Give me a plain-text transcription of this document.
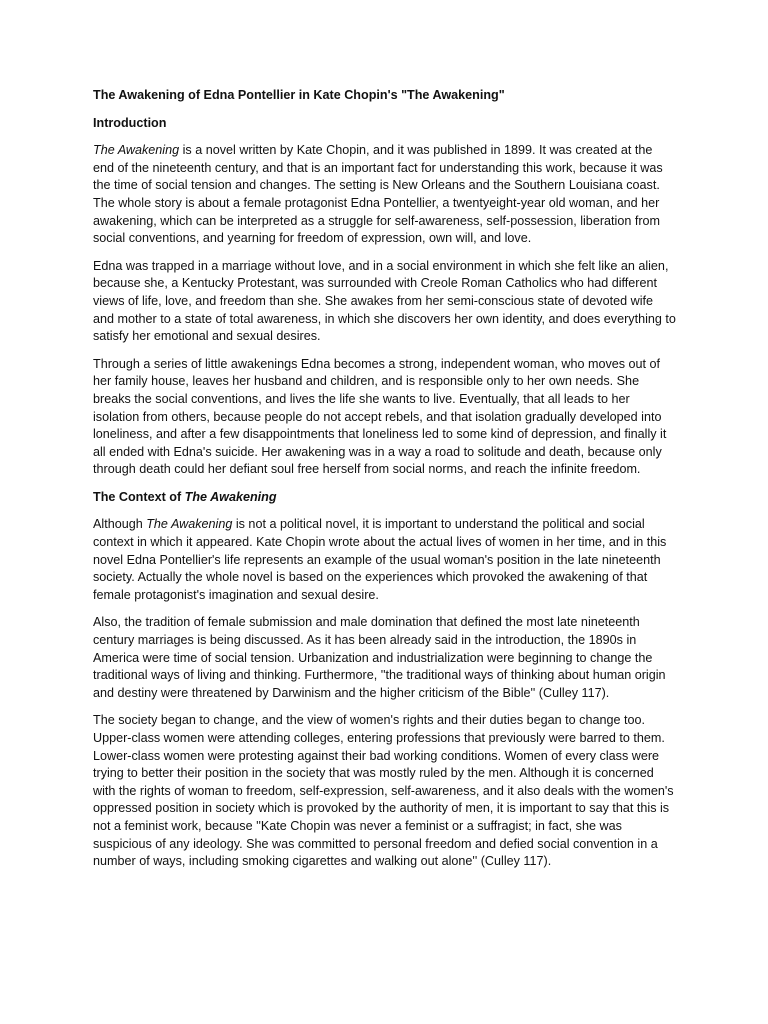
The Awakening of Edna Pontellier in Kate Chopin's "The Awakening"

Introduction

The Awakening is a novel written by Kate Chopin, and it was published in 1899. It was created at the end of the nineteenth century, and that is an important fact for understanding this work, because it was the time of social tension and changes. The setting is New Orleans and the Southern Louisiana coast. The whole story is about a female protagonist Edna Pontellier, a twentyeight-year old woman, and her awakening, which can be interpreted as a struggle for self-awareness, self-possession, liberation from social conventions, and yearning for freedom of expression, own will, and love.

Edna was trapped in a marriage without love, and in a social environment in which she felt like an alien, because she, a Kentucky Protestant, was surrounded with Creole Roman Catholics who had different views of life, love, and freedom than she. She awakes from her semi-conscious state of devoted wife and mother to a state of total awareness, in which she discovers her own identity, and does everything to satisfy her emotional and sexual desires.

Through a series of little awakenings Edna becomes a strong, independent woman, who moves out of her family house, leaves her husband and children, and is responsible only to her own needs. She breaks the social conventions, and lives the life she wants to live. Eventually, that all leads to her isolation from others, because people do not accept rebels, and that isolation gradually developed into loneliness, and after a few disappointments that loneliness led to some kind of depression, and finally it all ended with Edna's suicide. Her awakening was in a way a road to solitude and death, because only through death could her defiant soul free herself from social norms, and reach the infinite freedom.

The Context of The Awakening

Although The Awakening is not a political novel, it is important to understand the political and social context in which it appeared. Kate Chopin wrote about the actual lives of women in her time, and in this novel Edna Pontellier's life represents an example of the usual woman's position in the late nineteenth society. Actually the whole novel is based on the experiences which provoked the awakening of that female protagonist's imagination and sexual desire.

Also, the tradition of female submission and male domination that defined the most late nineteenth century marriages is being discussed. As it has been already said in the introduction, the 1890s in America were time of social tension. Urbanization and industrialization were beginning to change the traditional ways of living and thinking. Furthermore, ''the traditional ways of thinking about human origin and destiny were threatened by Darwinism and the higher criticism of the Bible'' (Culley 117).

The society began to change, and the view of women's rights and their duties began to change too. Upper-class women were attending colleges, entering professions that previously were barred to them. Lower-class women were protesting against their bad working conditions. Women of every class were trying to better their position in the society that was mostly ruled by the men. Although it is concerned with the rights of woman to freedom, self-expression, self-awareness, and it also deals with the women's oppressed position in society which is provoked by the authority of men, it is important to say that this is not a feminist work, because ''Kate Chopin was never a feminist or a suffragist; in fact, she was suspicious of any ideology. She was committed to personal freedom and defied social convention in a number of ways, including smoking cigarettes and walking out alone'' (Culley 117).
